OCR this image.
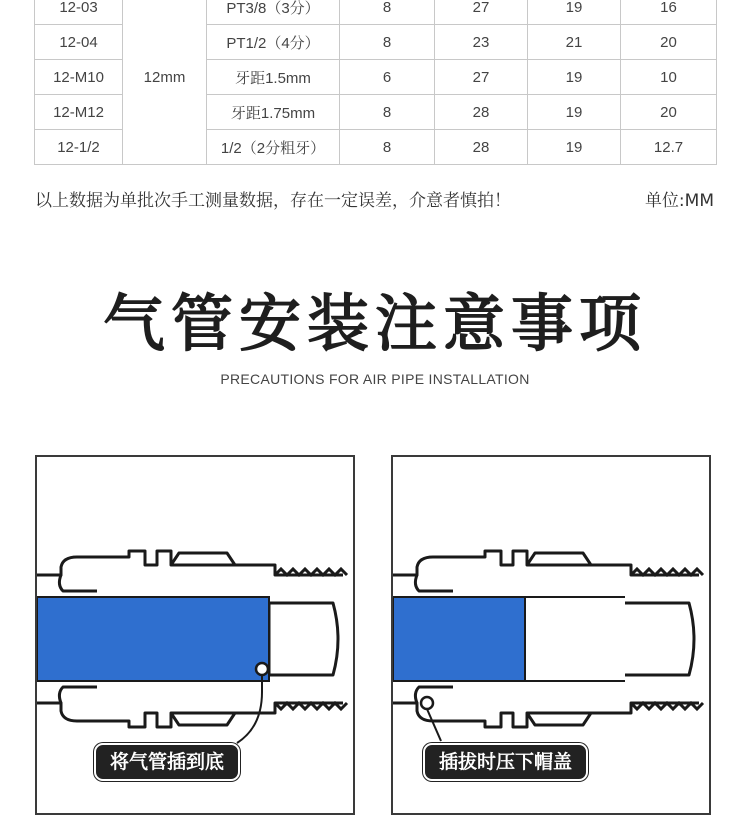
12-03	12mm	PT3/8（3分）	8	27	19	16
12-04		PT1/2（4分）	8	23	21	20
12-M10		牙距1.5mm	6	27	19	10
12-M12		牙距1.75mm	8	28	19	20
12-1/2		1/2（2分粗牙）	8	28	19	12.7
以上数据为单批次手工测量数据，存在一定误差，介意者慎拍！	单位:MM
气管安装注意事项
PRECAUTIONS FOR AIR PIPE INSTALLATION
将气管插到底	插拔时压下帽盖
